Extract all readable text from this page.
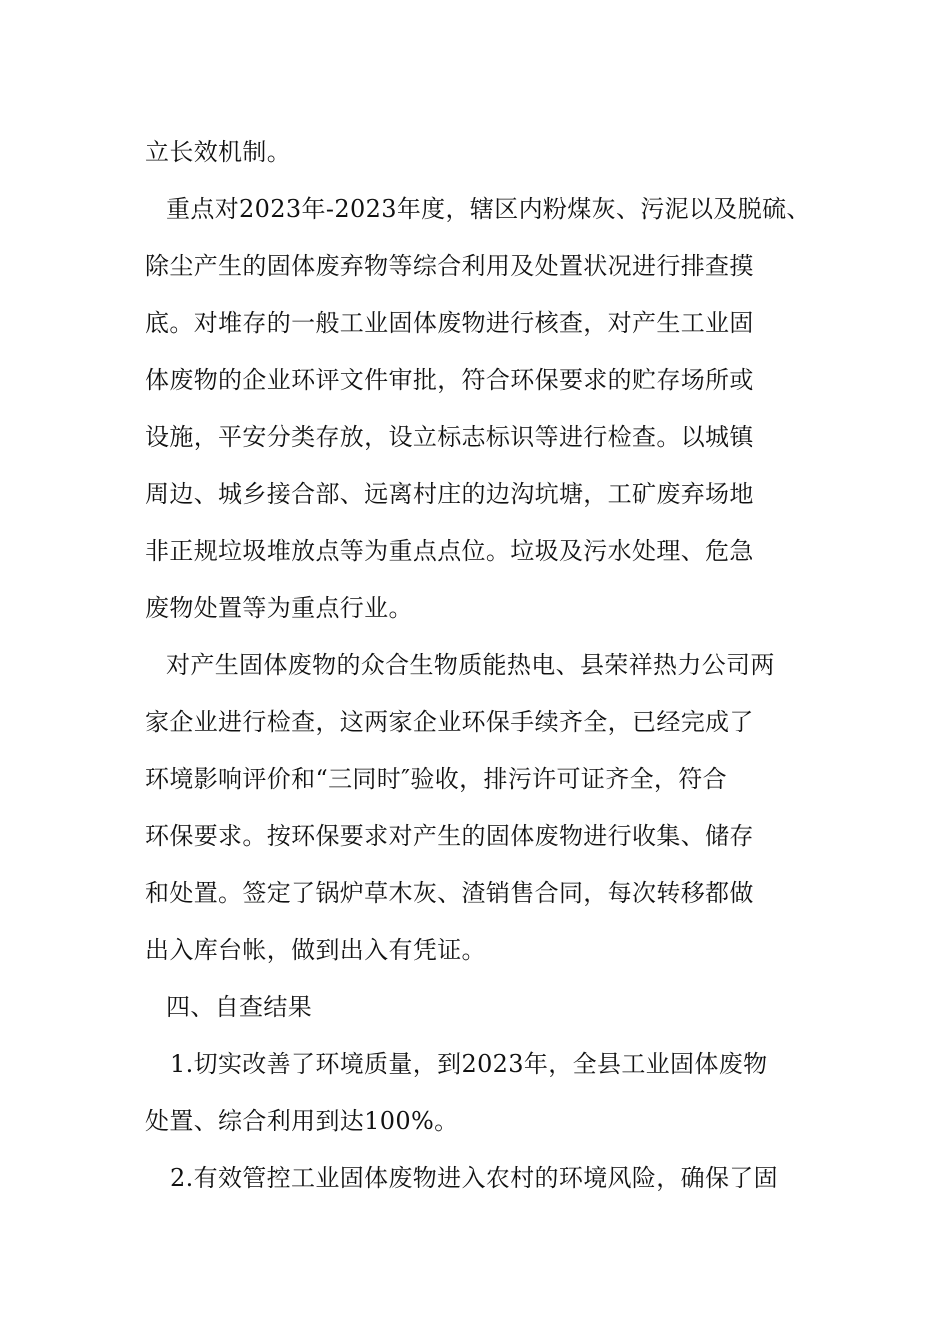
立长效机制。
重点对2023年-2023年度，辖区内粉煤灰、污泥以及脱硫、
除尘产生的固体废弃物等综合利用及处置状况进行排查摸
底。对堆存的一般工业固体废物进行核查，对产生工业固
体废物的企业环评文件审批，符合环保要求的贮存场所或
设施，平安分类存放，设立标志标识等进行检查。以城镇
周边、城乡接合部、远离村庄的边沟坑塘，工矿废弃场地
非正规垃圾堆放点等为重点点位。垃圾及污水处理、危急
废物处置等为重点行业。
对产生固体废物的众合生物质能热电、县荣祥热力公司两
家企业进行检查，这两家企业环保手续齐全，已经完成了
环境影响评价和“三同时″验收，排污许可证齐全，符合
环保要求。按环保要求对产生的固体废物进行收集、储存
和处置。签定了锅炉草木灰、渣销售合同，每次转移都做
出入库台帐，做到出入有凭证。
四、自查结果
1.切实改善了环境质量，到2023年，全县工业固体废物
处置、综合利用到达100%。
2.有效管控工业固体废物进入农村的环境风险，确保了固
